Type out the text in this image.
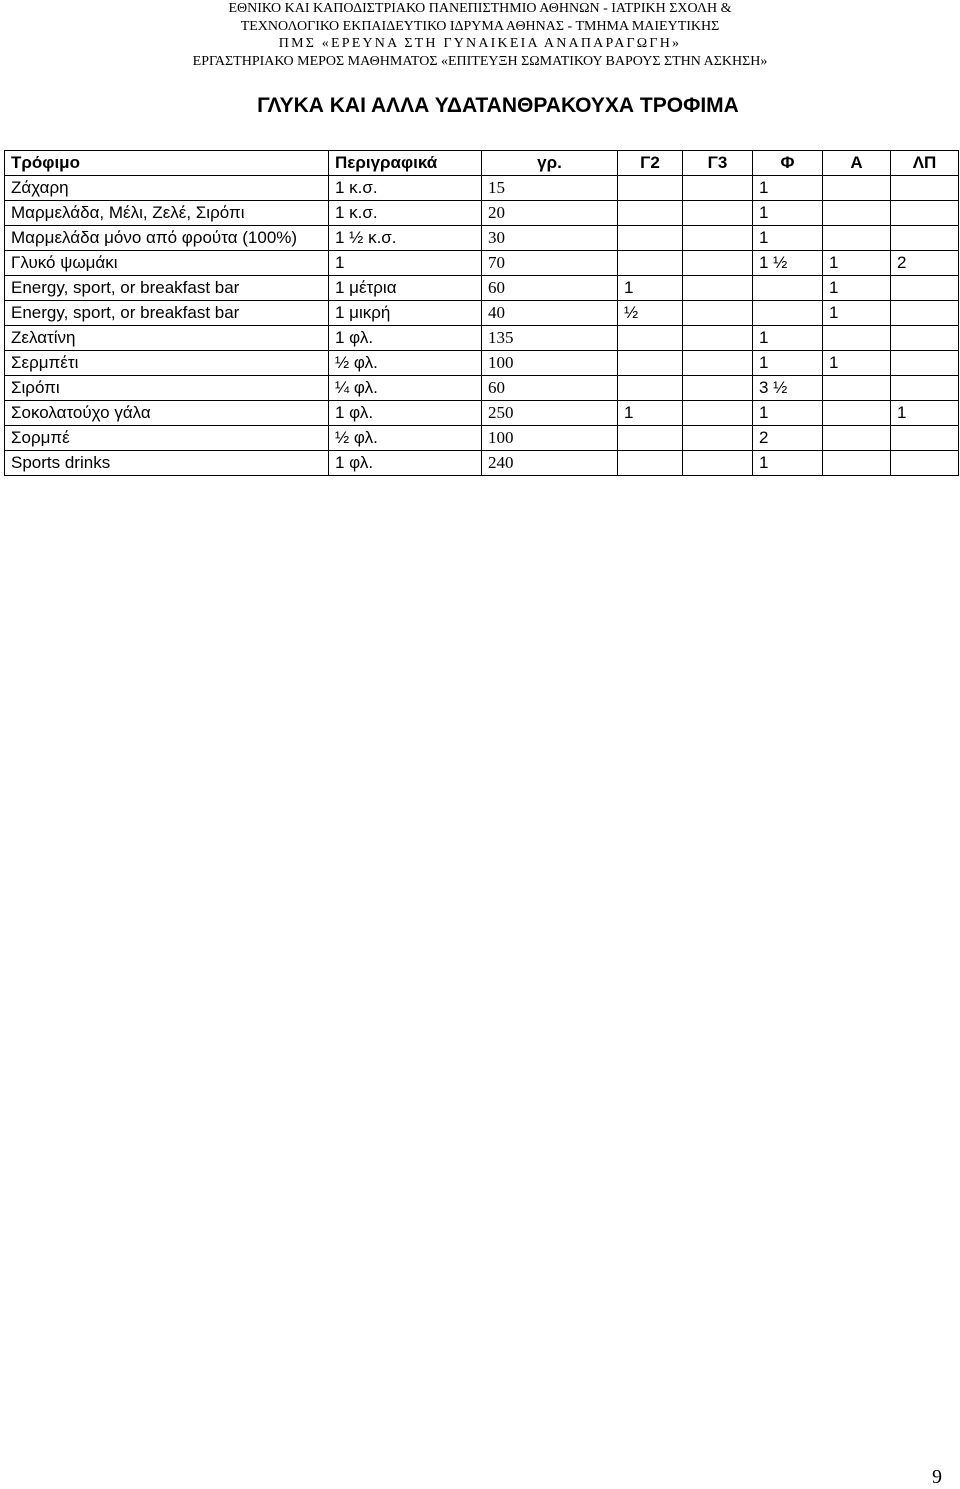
ΕΘΝΙΚΟ ΚΑΙ ΚΑΠΟΔΙΣΤΡΙΑΚΟ ΠΑΝΕΠΙΣΤΗΜΙΟ ΑΘΗΝΩΝ - ΙΑΤΡΙΚΗ ΣΧΟΛΗ &
ΤΕΧΝΟΛΟΓΙΚΟ ΕΚΠΑΙΔΕΥΤΙΚΟ ΙΔΡΥΜΑ ΑΘΗΝΑΣ - ΤΜΗΜΑ ΜΑΙΕΥΤΙΚΗΣ
ΠΜΣ «ΕΡΕΥΝΑ ΣΤΗ ΓΥΝΑΙΚΕΙΑ ΑΝΑΠΑΡΑΓΩΓΗ»
ΕΡΓΑΣΤΗΡΙΑΚΟ ΜΕΡΟΣ ΜΑΘΗΜΑΤΟΣ «ΕΠΙΤΕΥΞΗ ΣΩΜΑΤΙΚΟΥ ΒΑΡΟΥΣ ΣΤΗΝ ΑΣΚΗΣΗ»
ΓΛΥΚΑ ΚΑΙ ΑΛΛΑ ΥΔΑΤΑΝΘΡΑΚΟΥΧΑ ΤΡΟΦΙΜΑ
Τρόφιμο	Περιγραφικά	γρ.		Γ2	Γ3	Φ	Α	ΛΠ
Ζάχαρη	1 κ.σ.	15				1		
Μαρμελάδα, Μέλι, Ζελέ, Σιρόπι	1 κ.σ.	20				1		
Μαρμελάδα μόνο από φρούτα (100%)	1 ½ κ.σ.	30				1		
Γλυκό ψωμάκι	1	70				1 ½	1	2
Energy, sport, or breakfast bar	1 μέτρια	60		1			1	
Energy, sport, or breakfast bar	1 μικρή	40		½			1	
Ζελατίνη	1 φλ.	135				1		
Σερμπέτι	½ φλ.	100				1	1	
Σιρόπι	¼ φλ.	60				3 ½		
Σοκολατούχο γάλα	1 φλ.	250		1		1		1
Σορμπέ	½ φλ.	100				2		
Sports drinks	1 φλ.	240				1		
9
